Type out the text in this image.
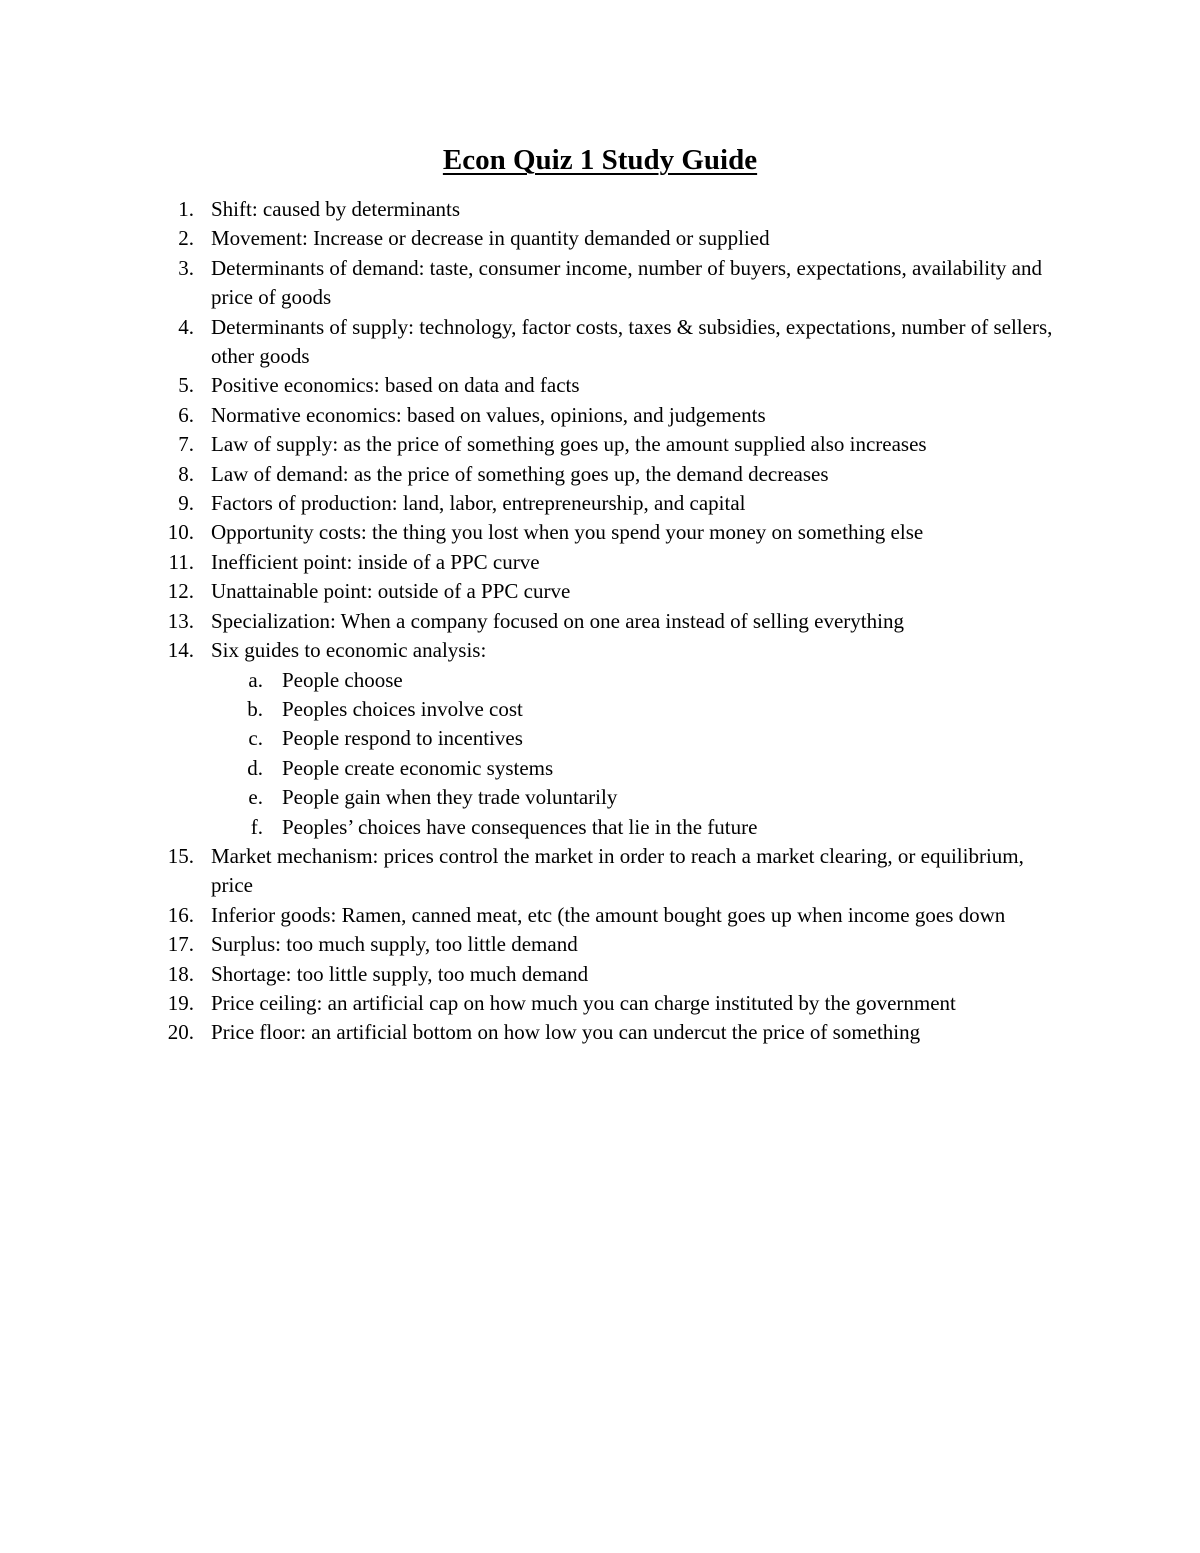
Econ Quiz 1 Study Guide
1. Shift: caused by determinants
2. Movement: Increase or decrease in quantity demanded or supplied
3. Determinants of demand: taste, consumer income, number of buyers, expectations, availability and price of goods
4. Determinants of supply: technology, factor costs, taxes & subsidies, expectations, number of sellers, other goods
5. Positive economics: based on data and facts
6. Normative economics: based on values, opinions, and judgements
7. Law of supply: as the price of something goes up, the amount supplied also increases
8. Law of demand: as the price of something goes up, the demand decreases
9. Factors of production: land, labor, entrepreneurship, and capital
10. Opportunity costs: the thing you lost when you spend your money on something else
11. Inefficient point: inside of a PPC curve
12. Unattainable point: outside of a PPC curve
13. Specialization: When a company focused on one area instead of selling everything
14. Six guides to economic analysis:
a. People choose
b. Peoples choices involve cost
c. People respond to incentives
d. People create economic systems
e. People gain when they trade voluntarily
f. Peoples’ choices have consequences that lie in the future
15. Market mechanism: prices control the market in order to reach a market clearing, or equilibrium, price
16. Inferior goods: Ramen, canned meat, etc (the amount bought goes up when income goes down
17. Surplus: too much supply, too little demand
18. Shortage: too little supply, too much demand
19. Price ceiling: an artificial cap on how much you can charge instituted by the government
20. Price floor: an artificial bottom on how low you can undercut the price of something
